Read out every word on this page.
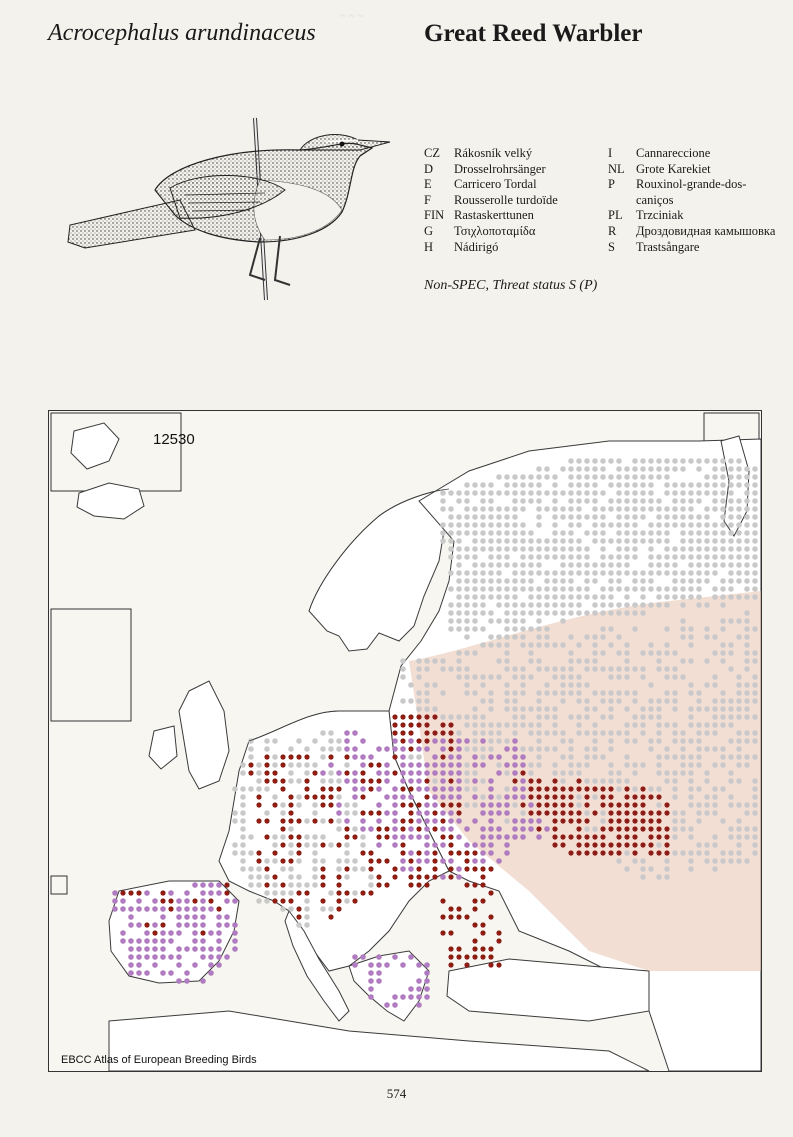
~ ~ ~
Acrocephalus arundinaceus	Great Reed Warbler
CZ	Rákosník velký
D	Drosselrohrsänger
E	Carricero Tordal
F	Rousserolle turdoïde
FIN Rastaskerttunen
G	Τσιχλοποταμίδα
H	Nádirigó
I	Cannareccione
NL Grote Karekiet
P	Rouxinol-grande-dos-
caniços
PL	Trzciniak
R	Дроздовидная камышовка
S	Trastsångare
Non-SPEC, Threat status S (P)
12530
EBCC Atlas of European Breeding Birds
574
